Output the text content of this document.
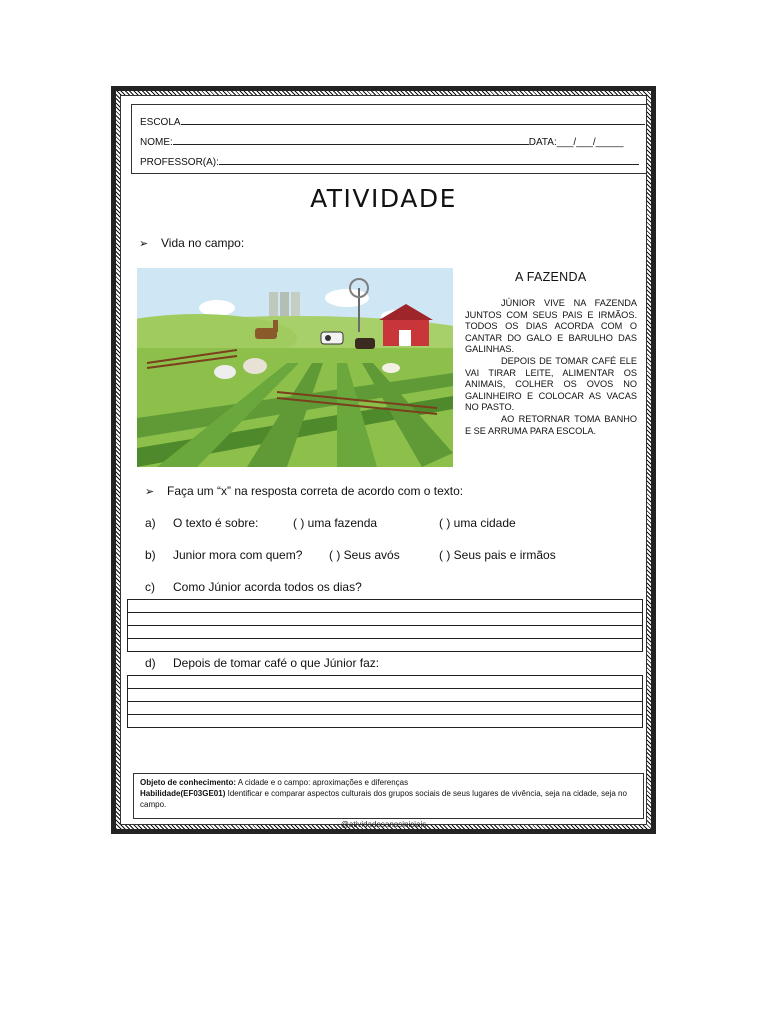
ESCOLA
NOME:	DATA:___/___/_____
PROFESSOR(A):
ATIVIDADE
➢ Vida no campo:
A FAZENDA

JÚNIOR VIVE NA FAZENDA JUNTOS COM SEUS PAIS E IRMÃOS. TODOS OS DIAS ACORDA COM O CANTAR DO GALO E BARULHO DAS GALINHAS.

DEPOIS DE TOMAR CAFÉ ELE VAI TIRAR LEITE, ALIMENTAR OS ANIMAIS, COLHER OS OVOS NO GALINHEIRO E COLOCAR AS VACAS NO PASTO.

AO RETORNAR TOMA BANHO E SE ARRUMA PARA ESCOLA.

➢ Faça um “x” na resposta correta de acordo com o texto:
a) O texto é sobre:	( ) uma fazenda	( ) uma cidade
b) Junior mora com quem? ( ) Seus avós	( ) Seus pais e irmãos
c) Como Júnior acorda todos os dias?
d) Depois de tomar café o que Júnior faz:
Objeto de conhecimento: A cidade e o campo: aproximações e diferenças
Habilidade(EF03GE01) Identificar e comparar aspectos culturais dos grupos sociais de seus lugares de vivência, seja na cidade, seja no campo.
@atividadesanosiniciais
